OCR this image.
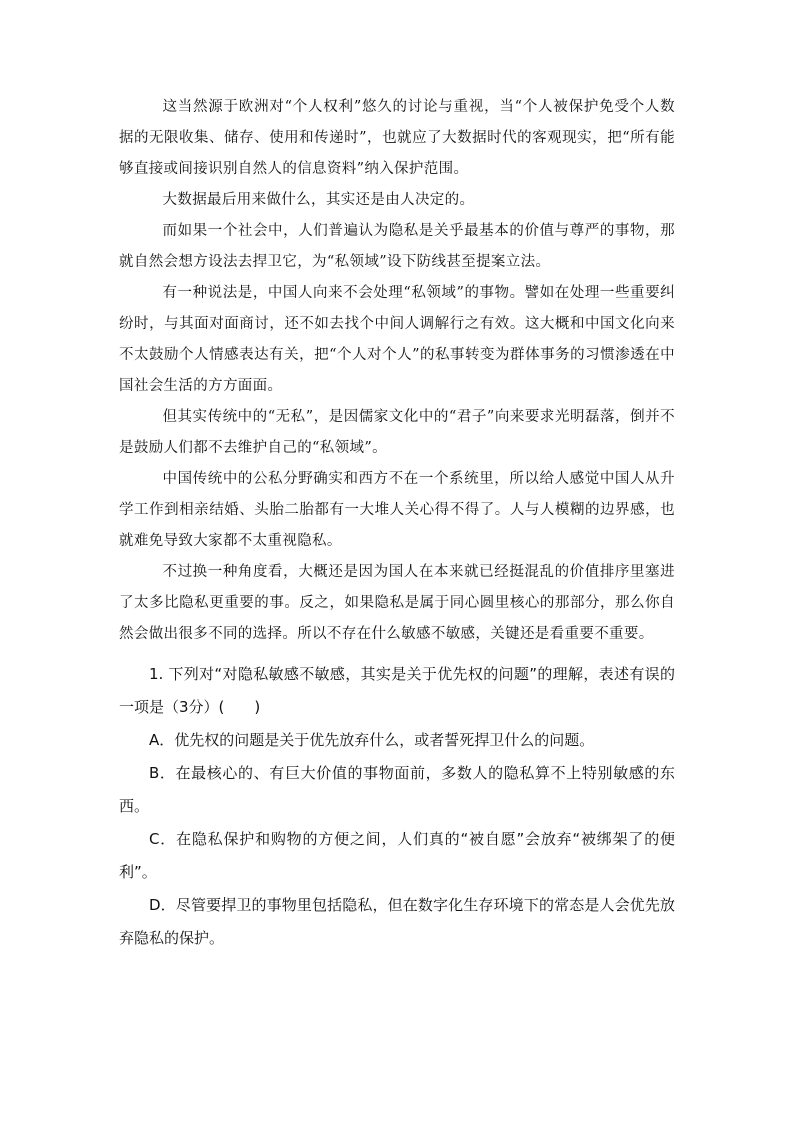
这当然源于欧洲对“个人权利”悠久的讨论与重视，当“个人被保护免受个人数据的无限收集、储存、使用和传递时”，也就应了大数据时代的客观现实，把“所有能够直接或间接识别自然人的信息资料”纳入保护范围。

大数据最后用来做什么，其实还是由人决定的。

而如果一个社会中，人们普遍认为隐私是关乎最基本的价值与尊严的事物，那就自然会想方设法去捍卫它，为“私领域”设下防线甚至提案立法。

有一种说法是，中国人向来不会处理“私领域”的事物。譬如在处理一些重要纠纷时，与其面对面商讨，还不如去找个中间人调解行之有效。这大概和中国文化向来不太鼓励个人情感表达有关，把“个人对个人”的私事转变为群体事务的习惯渗透在中国社会生活的方方面面。

但其实传统中的“无私”，是因儒家文化中的“君子”向来要求光明磊落，倒并不是鼓励人们都不去维护自己的“私领域”。

中国传统中的公私分野确实和西方不在一个系统里，所以给人感觉中国人从升学工作到相亲结婚、头胎二胎都有一大堆人关心得不得了。人与人模糊的边界感，也就难免导致大家都不太重视隐私。

不过换一种角度看，大概还是因为国人在本来就已经挺混乱的价值排序里塞进了太多比隐私更重要的事。反之，如果隐私是属于同心圆里核心的那部分，那么你自然会做出很多不同的选择。所以不存在什么敏感不敏感，关键还是看重要不重要。

1. 下列对“对隐私敏感不敏感，其实是关于优先权的问题”的理解，表述有误的一项是（3分）(　　)

A．优先权的问题是关于优先放弃什么，或者誓死捍卫什么的问题。

B．在最核心的、有巨大价值的事物面前，多数人的隐私算不上特别敏感的东西。

C．在隐私保护和购物的方便之间，人们真的“被自愿”会放弃“被绑架了的便利”。

D．尽管要捍卫的事物里包括隐私，但在数字化生存环境下的常态是人会优先放弃隐私的保护。
